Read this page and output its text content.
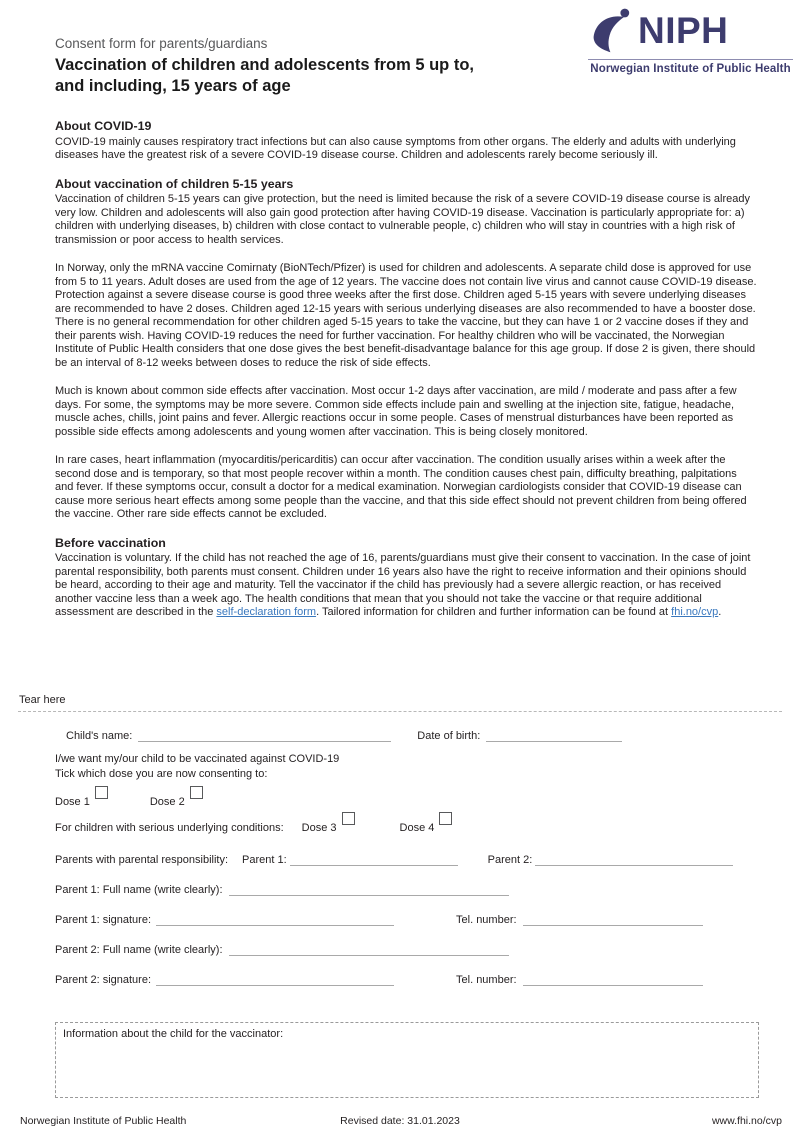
Consent form for parents/guardians
Vaccination of children and adolescents from 5 up to,
and including, 15 years of age
NIPH
Norwegian Institute of Public Health
About COVID-19

COVID-19 mainly causes respiratory tract infections but can also cause symptoms from other organs. The elderly and adults with underlying diseases have the greatest risk of a severe COVID-19 disease course. Children and adolescents rarely become seriously ill.

About vaccination of children 5-15 years

Vaccination of children 5-15 years can give protection, but the need is limited because the risk of a severe COVID-19 disease course is already very low. Children and adolescents will also gain good protection after having COVID-19 disease. Vaccination is particularly appropriate for: a) children with underlying diseases, b) children with close contact to vulnerable people, c) children who will stay in countries with a high risk of transmission or poor access to health services.

In Norway, only the mRNA vaccine Comirnaty (BioNTech/Pfizer) is used for children and adolescents. A separate child dose is approved for use from 5 to 11 years. Adult doses are used from the age of 12 years. The vaccine does not contain live virus and cannot cause COVID-19 disease. Protection against a severe disease course is good three weeks after the first dose. Children aged 5-15 years with severe underlying diseases are recommended to have 2 doses. Children aged 12-15 years with serious underlying diseases are also recommended to have a booster dose. There is no general recommendation for other children aged 5-15 years to take the vaccine, but they can have 1 or 2 vaccine doses if they and their parents wish. Having COVID-19 reduces the need for further vaccination. For healthy children who will be vaccinated, the Norwegian Institute of Public Health considers that one dose gives the best benefit-disadvantage balance for this age group. If dose 2 is given, there should be an interval of 8-12 weeks between doses to reduce the risk of side effects.

Much is known about common side effects after vaccination. Most occur 1-2 days after vaccination, are mild / moderate and pass after a few days. For some, the symptoms may be more severe. Common side effects include pain and swelling at the injection site, fatigue, headache, muscle aches, chills, joint pains and fever. Allergic reactions occur in some people. Cases of menstrual disturbances have been reported as possible side effects among adolescents and young women after vaccination. This is being closely monitored.

In rare cases, heart inflammation (myocarditis/pericarditis) can occur after vaccination. The condition usually arises within a week after the second dose and is temporary, so that most people recover within a month. The condition causes chest pain, difficulty breathing, palpitations and fever. If these symptoms occur, consult a doctor for a medical examination. Norwegian cardiologists consider that COVID-19 disease can cause more serious heart effects among some people than the vaccine, and that this side effect should not prevent children from being offered the vaccine. Other rare side effects cannot be excluded.

Before vaccination

Vaccination is voluntary. If the child has not reached the age of 16, parents/guardians must give their consent to vaccination. In the case of joint parental responsibility, both parents must consent. Children under 16 years also have the right to receive information and their opinions should be heard, according to their age and maturity. Tell the vaccinator if the child has previously had a severe allergic reaction, or has received another vaccine less than a week ago. The health conditions that mean that you should not take the vaccine or that require additional assessment are described in the self-declaration form. Tailored information for children and further information can be found at fhi.no/cvp.

Tear here
Child's name:	Date of birth:
I/we want my/our child to be vaccinated against COVID-19
Tick which dose you are now consenting to:
Dose 1	Dose 2
For children with serious underlying conditions: Dose 3	Dose 4
Parents with parental responsibility: Parent 1:	Parent 2:
Parent 1: Full name (write clearly):
Parent 1: signature:	Tel. number:
Parent 2: Full name (write clearly):
Parent 2: signature:	Tel. number:
Information about the child for the vaccinator:
Norwegian Institute of Public Health	Revised date: 31.01.2023	www.fhi.no/cvp
